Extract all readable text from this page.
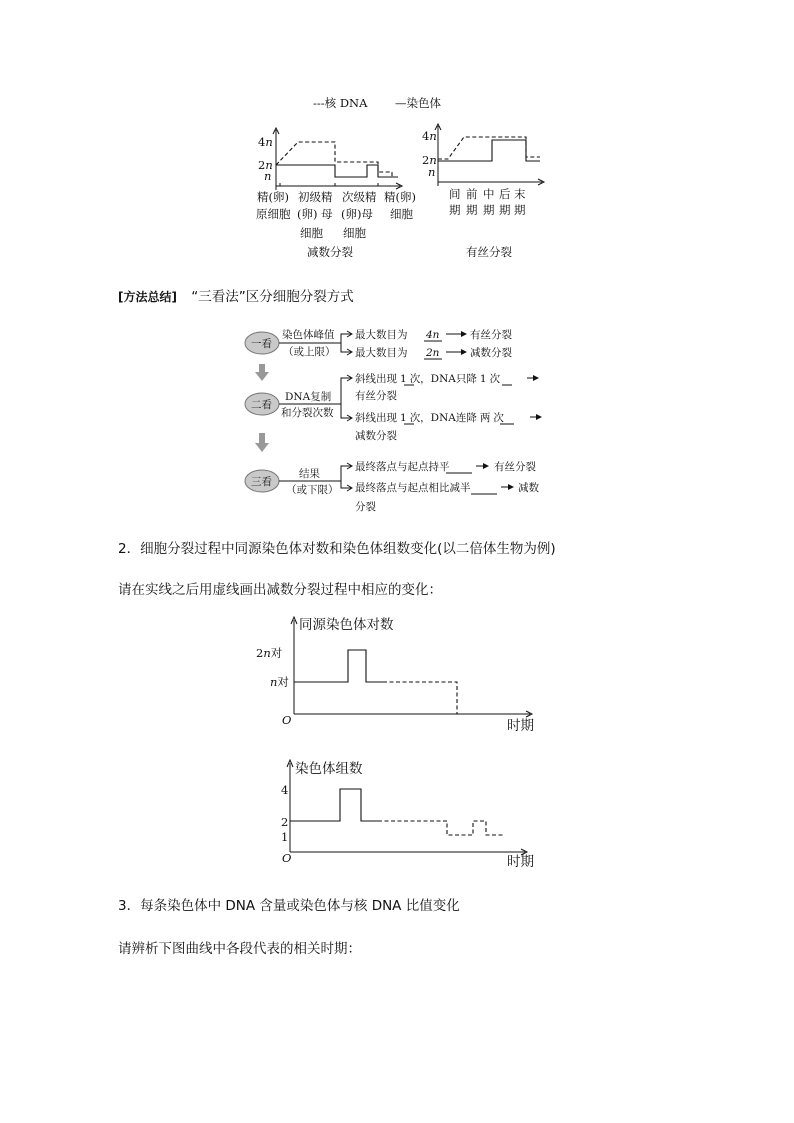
---核 DNA —染色体
4n
2n
n
精(卵)
原细胞
初级精
(卵) 母
细胞
次级精
(卵)母
细胞
精(卵)
细胞
减数分裂
4n
2n
n
间
期
前
期
中
期
后
期
末
期
有丝分裂
[方法总结] “三看法”区分细胞分裂方式
一看
染色体峰值
（或上限）
最大数目为 4n	有丝分裂
最大数目为 2n	减数分裂
二看
DNA复制
和分裂次数
斜线出现 1 次，DNA只降 1 次
有丝分裂
斜线出现 1 次，DNA连降 两 次
减数分裂
三看
结果
（或下限）
最终落点与起点持平	有丝分裂
最终落点与起点相比减半	减数
分裂
2．细胞分裂过程中同源染色体对数和染色体组数变化(以二倍体生物为例)
请在实线之后用虚线画出减数分裂过程中相应的变化：
同源染色体对数
2n对
n对
O	时期
染色体组数
4
2
1
O	时期
3．每条染色体中 DNA 含量或染色体与核 DNA 比值变化
请辨析下图曲线中各段代表的相关时期：
